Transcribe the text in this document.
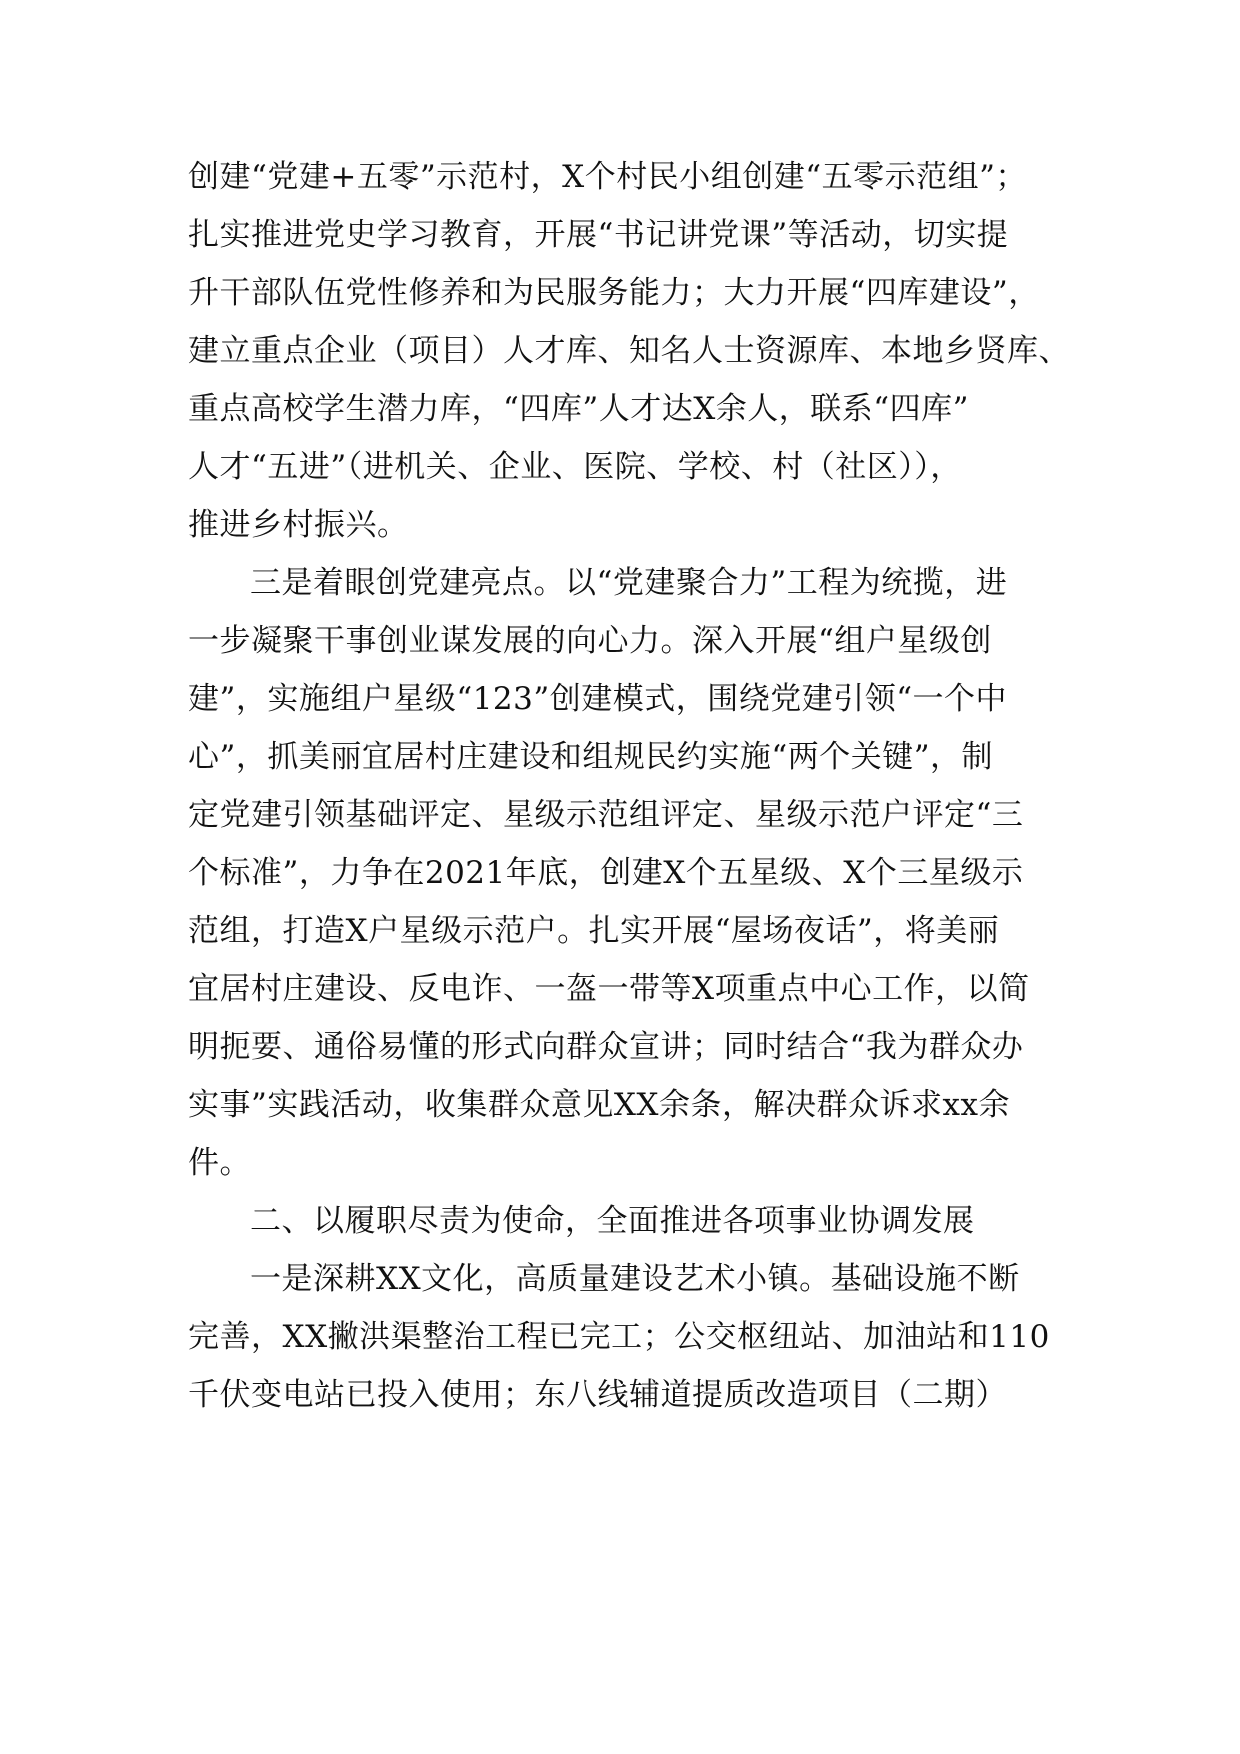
创建“党建+五零”示范村，X个村民小组创建“五零示范组”；
扎实推进党史学习教育，开展“书记讲党课”等活动，切实提
升干部队伍党性修养和为民服务能力；大力开展“四库建设”，
建立重点企业（项目）人才库、知名人士资源库、本地乡贤库、
重点高校学生潜力库，“四库”人才达X余人，联系“四库”
人才“五进”（进机关、企业、医院、学校、村（社区）），
推进乡村振兴。
三是着眼创党建亮点。以“党建聚合力”工程为统揽，进
一步凝聚干事创业谋发展的向心力。深入开展“组户星级创
建”，实施组户星级“123”创建模式，围绕党建引领“一个中
心”，抓美丽宜居村庄建设和组规民约实施“两个关键”，制
定党建引领基础评定、星级示范组评定、星级示范户评定“三
个标准”，力争在2021年底，创建X个五星级、X个三星级示
范组，打造X户星级示范户。扎实开展“屋场夜话”，将美丽
宜居村庄建设、反电诈、一盔一带等X项重点中心工作，以简
明扼要、通俗易懂的形式向群众宣讲；同时结合“我为群众办
实事”实践活动，收集群众意见XX余条，解决群众诉求xx余
件。
二、以履职尽责为使命，全面推进各项事业协调发展
一是深耕XX文化，高质量建设艺术小镇。基础设施不断
完善，XX撇洪渠整治工程已完工；公交枢纽站、加油站和110
千伏变电站已投入使用；东八线辅道提质改造项目（二期）
